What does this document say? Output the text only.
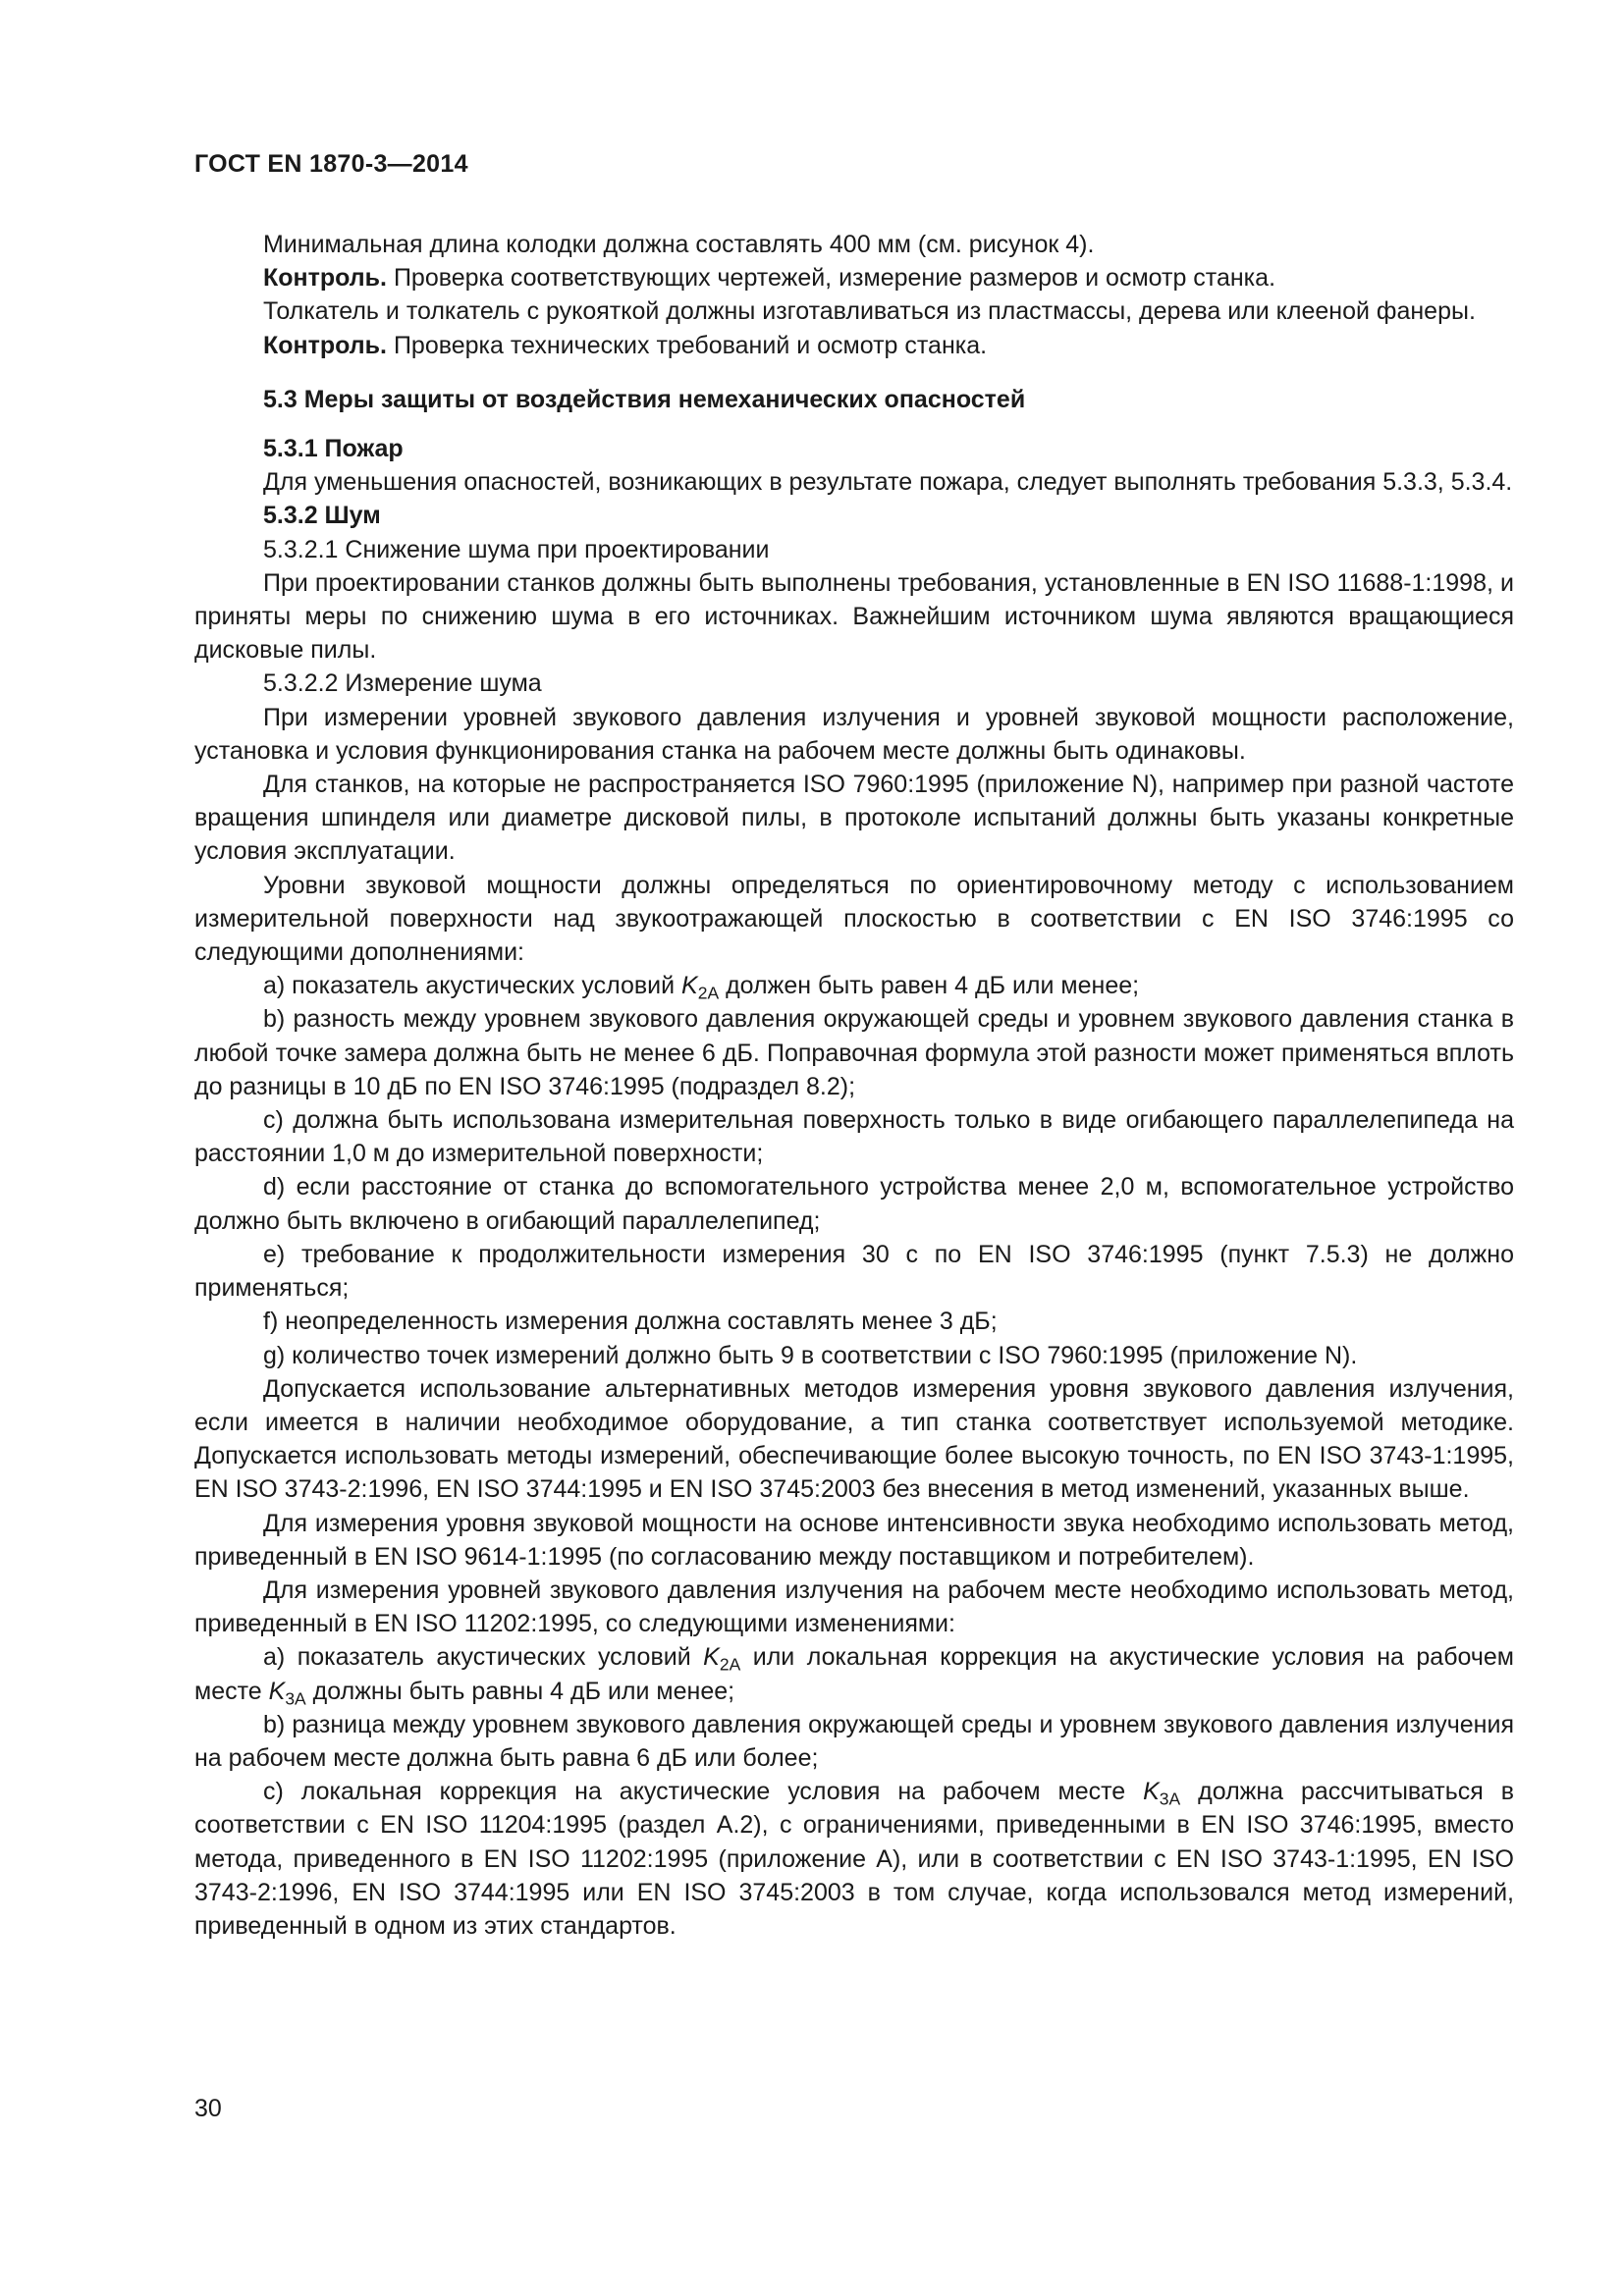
ГОСТ EN 1870-3—2014

Минимальная длина колодки должна составлять 400 мм (см. рисунок 4).

Контроль. Проверка соответствующих чертежей, измерение размеров и осмотр станка.

Толкатель и толкатель с рукояткой должны изготавливаться из пластмассы, дерева или клееной фанеры.

Контроль. Проверка технических требований и осмотр станка.

5.3 Меры защиты от воздействия немеханических опасностей

5.3.1 Пожар

Для уменьшения опасностей, возникающих в результате пожара, следует выполнять требования 5.3.3, 5.3.4.

5.3.2 Шум

5.3.2.1 Снижение шума при проектировании

При проектировании станков должны быть выполнены требования, установленные в EN ISO 11688-1:1998, и приняты меры по снижению шума в его источниках. Важнейшим источником шума являются вращающиеся дисковые пилы.

5.3.2.2 Измерение шума

При измерении уровней звукового давления излучения и уровней звуковой мощности расположение, установка и условия функционирования станка на рабочем месте должны быть одинаковы.

Для станков, на которые не распространяется ISO 7960:1995 (приложение N), например при разной частоте вращения шпинделя или диаметре дисковой пилы, в протоколе испытаний должны быть указаны конкретные условия эксплуатации.

Уровни звуковой мощности должны определяться по ориентировочному методу с использованием измерительной поверхности над звукоотражающей плоскостью в соответствии с EN ISO 3746:1995 со следующими дополнениями:

a) показатель акустических условий $K_{2A}$ должен быть равен 4 дБ или менее;

b) разность между уровнем звукового давления окружающей среды и уровнем звукового давления станка в любой точке замера должна быть не менее 6 дБ. Поправочная формула этой разности может применяться вплоть до разницы в 10 дБ по EN ISO 3746:1995 (подраздел 8.2);

c) должна быть использована измерительная поверхность только в виде огибающего параллелепипеда на расстоянии 1,0 м до измерительной поверхности;

d) если расстояние от станка до вспомогательного устройства менее 2,0 м, вспомогательное устройство должно быть включено в огибающий параллелепипед;

e) требование к продолжительности измерения 30 с по EN ISO 3746:1995 (пункт 7.5.3) не должно применяться;

f) неопределенность измерения должна составлять менее 3 дБ;

g) количество точек измерений должно быть 9 в соответствии с ISO 7960:1995 (приложение N).

Допускается использование альтернативных методов измерения уровня звукового давления излучения, если имеется в наличии необходимое оборудование, а тип станка соответствует используемой методике. Допускается использовать методы измерений, обеспечивающие более высокую точность, по EN ISO 3743-1:1995, EN ISO 3743-2:1996, EN ISO 3744:1995 и EN ISO 3745:2003 без внесения в метод изменений, указанных выше.

Для измерения уровня звуковой мощности на основе интенсивности звука необходимо использовать метод, приведенный в EN ISO 9614-1:1995 (по согласованию между поставщиком и потребителем).

Для измерения уровней звукового давления излучения на рабочем месте необходимо использовать метод, приведенный в EN ISO 11202:1995, со следующими изменениями:

а) показатель акустических условий $K_{2A}$ или локальная коррекция на акустические условия на рабочем месте $K_{3A}$ должны быть равны 4 дБ или менее;

b) разница между уровнем звукового давления окружающей среды и уровнем звукового давления излучения на рабочем месте должна быть равна 6 дБ или более;

c) локальная коррекция на акустические условия на рабочем месте $K_{3A}$ должна рассчитываться в соответствии с EN ISO 11204:1995 (раздел А.2), с ограничениями, приведенными в EN ISO 3746:1995, вместо метода, приведенного в EN ISO 11202:1995 (приложение А), или в соответствии с EN ISO 3743-1:1995, EN ISO 3743-2:1996, EN ISO 3744:1995 или EN ISO 3745:2003 в том случае, когда использовался метод измерений, приведенный в одном из этих стандартов.

30
